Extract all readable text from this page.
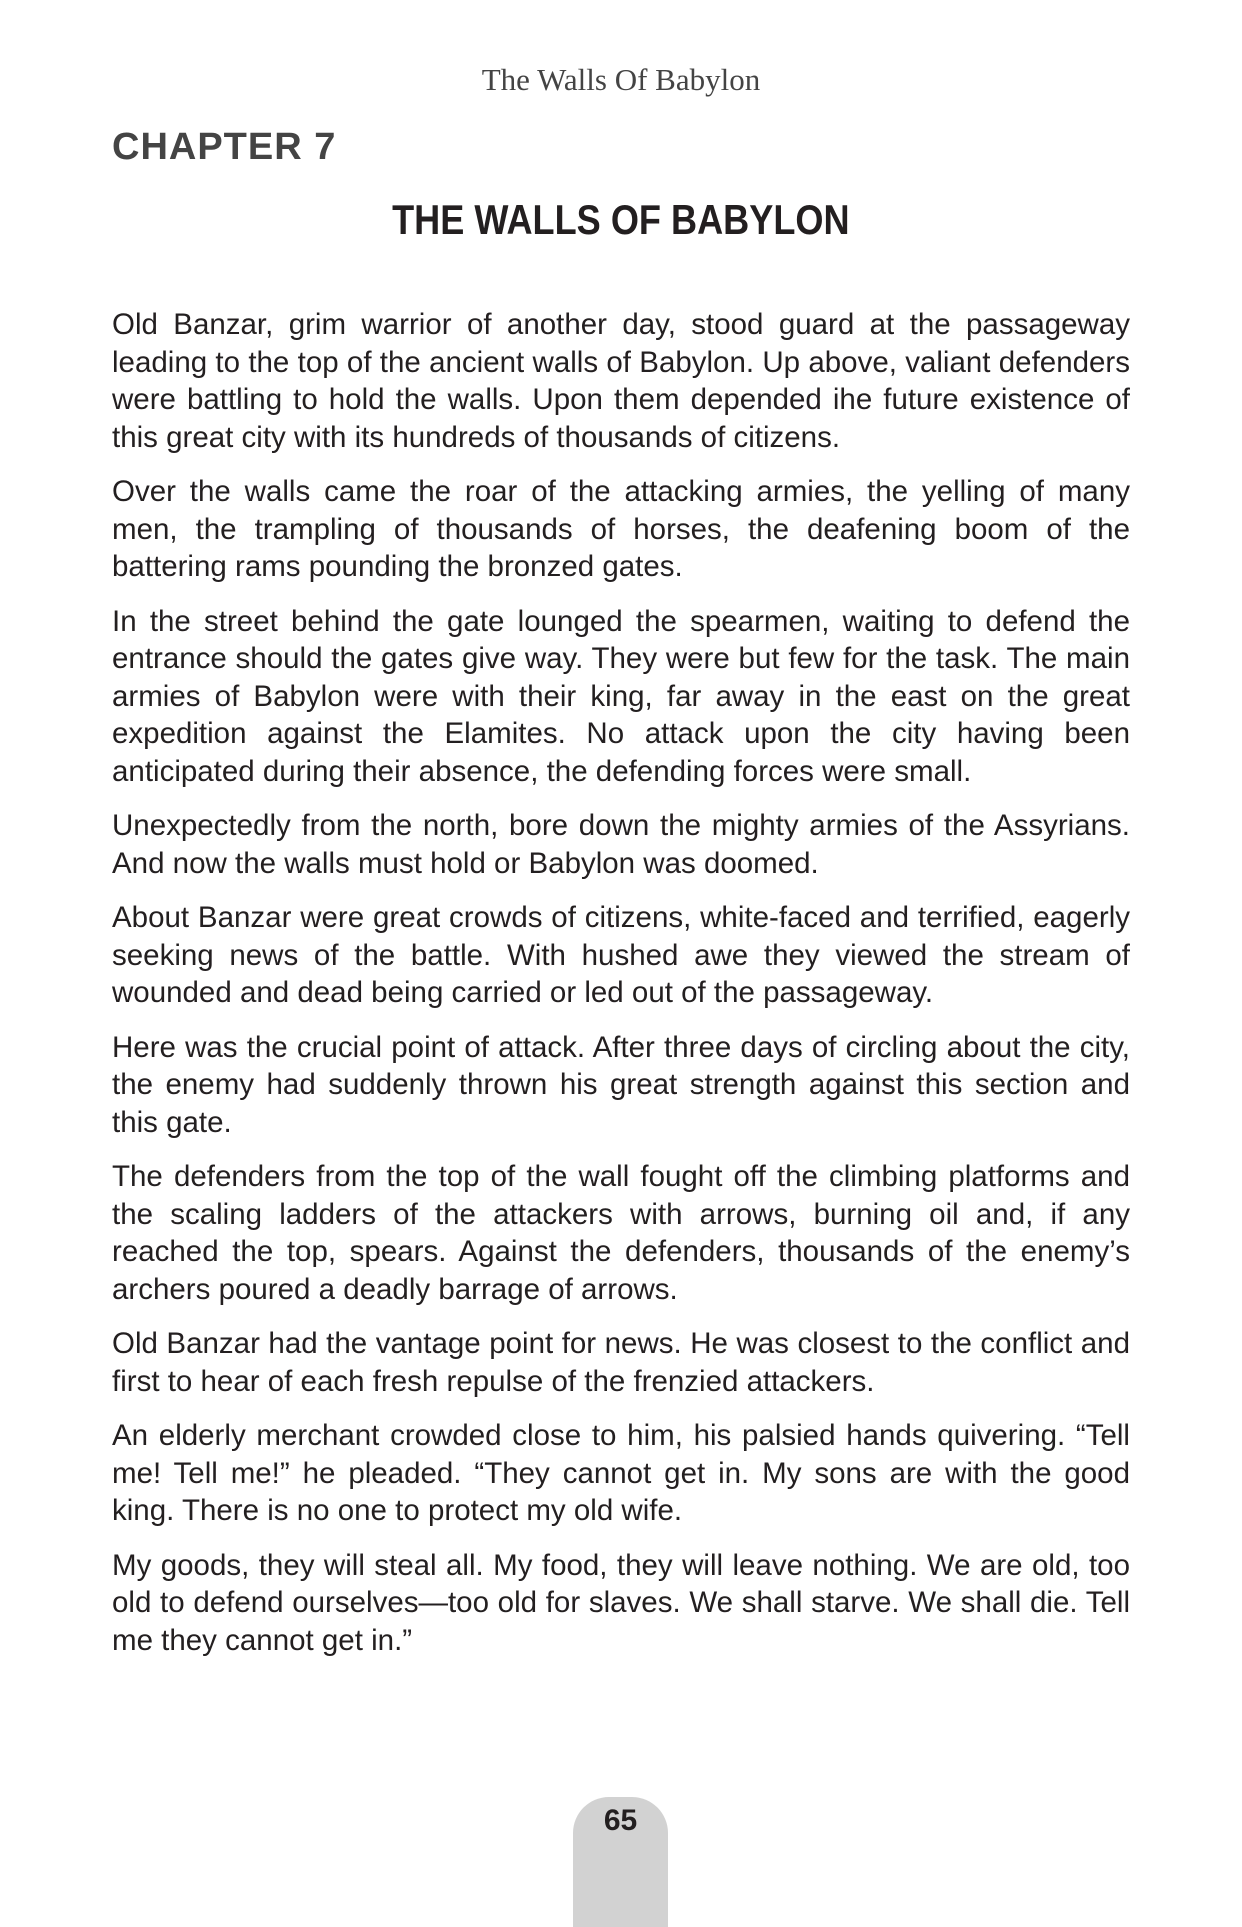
The Walls Of Babylon
CHAPTER 7
THE WALLS OF BABYLON

Old Banzar, grim warrior of another day, stood guard at the passageway leading to the top of the ancient walls of Babylon. Up above, valiant defenders were battling to hold the walls. Upon them depended ihe future existence of this great city with its hundreds of thousands of citizens.

Over the walls came the roar of the attacking armies, the yelling of many men, the trampling of thousands of horses, the deafening boom of the battering rams pounding the bronzed gates.

In the street behind the gate lounged the spearmen, waiting to defend the entrance should the gates give way. They were but few for the task. The main armies of Babylon were with their king, far away in the east on the great expedition against the Elamites. No attack upon the city having been anticipated during their absence, the defending forces were small.

Unexpectedly from the north, bore down the mighty armies of the Assyrians. And now the walls must hold or Babylon was doomed.

About Banzar were great crowds of citizens, white-faced and terrified, eagerly seeking news of the battle. With hushed awe they viewed the stream of wounded and dead being carried or led out of the passageway.

Here was the crucial point of attack. After three days of circling about the city, the enemy had suddenly thrown his great strength against this section and this gate.

The defenders from the top of the wall fought off the climbing platforms and the scaling ladders of the attackers with arrows, burning oil and, if any reached the top, spears. Against the defenders, thousands of the enemy’s archers poured a deadly barrage of arrows.

Old Banzar had the vantage point for news. He was closest to the conflict and first to hear of each fresh repulse of the frenzied attackers.

An elderly merchant crowded close to him, his palsied hands quivering. “Tell me! Tell me!” he pleaded. “They cannot get in. My sons are with the good king. There is no one to protect my old wife.

My goods, they will steal all. My food, they will leave nothing. We are old, too old to defend ourselves—too old for slaves. We shall starve. We shall die. Tell me they cannot get in.”

65
